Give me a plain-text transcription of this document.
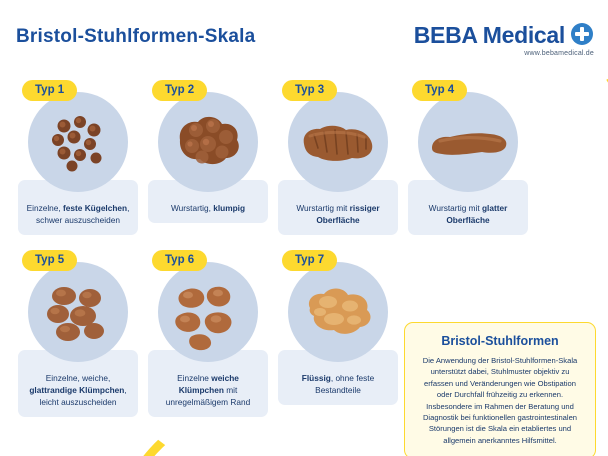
Bristol-Stuhlformen-Skala	BEBA Medical
www.bebamedical.de
Typ 1
Einzelne, feste Kügelchen, schwer auszuscheiden
Typ 2
Wurstartig, klumpig
Typ 3
Wurstartig mit rissiger Oberfläche
Typ 4
Wurstartig mit glatter Oberfläche
Typ 5
Einzelne, weiche, glattrandige Klümpchen, leicht auszuscheiden
Typ 6
Einzelne weiche Klümpchen mit unregelmäßigem Rand
Typ 7
Flüssig, ohne feste Bestandteile
Bristol-Stuhlformen
Die Anwendung der Bristol-Stuhlformen-Skala unterstützt dabei, Stuhlmuster objektiv zu erfassen und Veränderungen wie Obstipation oder Durchfall frühzeitig zu erkennen. Insbesondere im Rahmen der Beratung und Diagnostik bei funktionellen gastrointestinalen Störungen ist die Skala ein etabliertes und allgemein anerkanntes Hilfsmittel.
